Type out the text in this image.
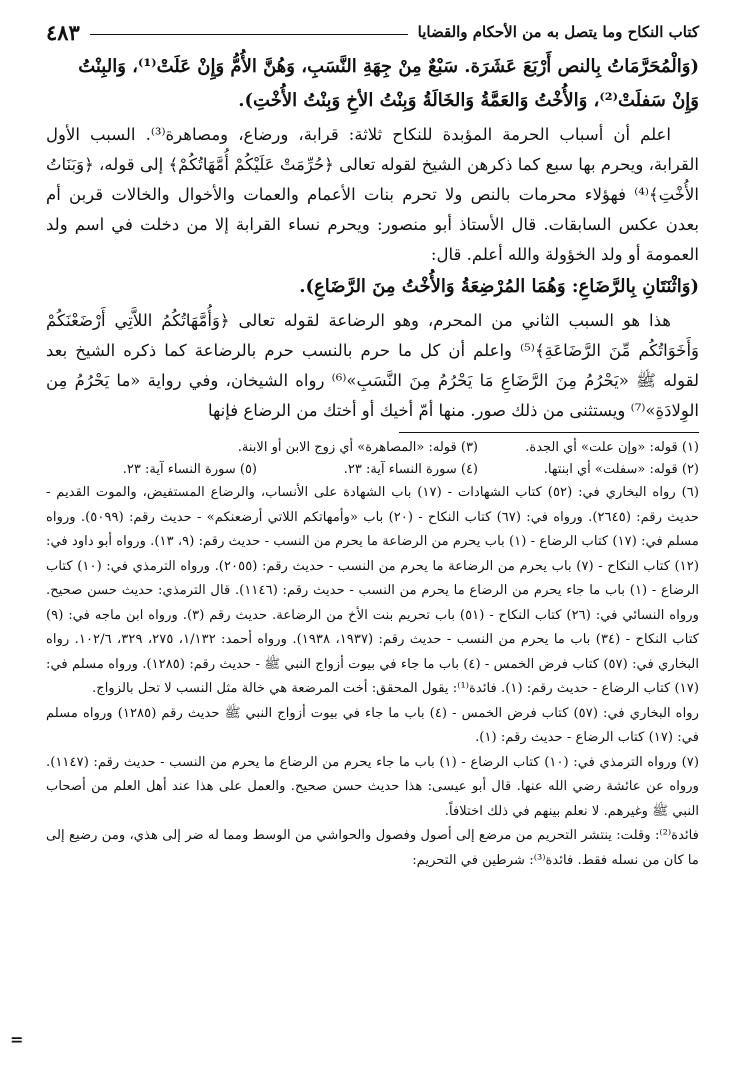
كتاب النكاح وما يتصل به من الأحكام والقضايا
٤٨٣

(وَالْمُحَرَّمَاتُ بِالنص أَرْبَعَ عَشَرَة. سَبْعٌ مِنْ جِهَةِ النَّسَبِ، وَهُنَّ الأُمُّ وَإِنْ عَلَتْ⁽¹⁾، وَالبِنْتُ وَإِنْ سَفلَتْ⁽²⁾، وَالأُخْتُ وَالعَمَّةُ وَالخَالَةُ وَبِنْتُ الأخِ وَبِنْتُ الأُخْتِ).

اعلم أن أسباب الحرمة المؤبدة للنكاح ثلاثة: قرابة، ورضاع، ومصاهرة⁽³⁾. السبب الأول القرابة، ويحرم بها سبع كما ذكرهن الشيخ لقوله تعالى ﴿حُرِّمَتْ عَلَيْكُمْ أُمَّهَاتُكُمْ﴾ إلى قوله، ﴿وَبَنَاتُ الأُخْتِ﴾⁽⁴⁾ فهؤلاء محرمات بالنص ولا تحرم بنات الأعمام والعمات والأخوال والخالات قربن أم بعدن عكس السابقات. قال الأستاذ أبو منصور: ويحرم نساء القرابة إلا من دخلت في اسم ولد العمومة أو ولد الخؤولة والله أعلم. قال:

(وَاثْنَتَانِ بِالرَّضَاعِ: وَهُمَا المُرْضِعَةُ وَالأُخْتُ مِنَ الرَّضَاعِ).

هذا هو السبب الثاني من المحرم، وهو الرضاعة لقوله تعالى ﴿وَأُمَّهَاتُكُمُ اللاَّتِي أَرْضَعْنَكُمْ وَأَخَوَاتُكُم مِّنَ الرَّضَاعَةِ﴾⁽⁵⁾ واعلم أن كل ما حرم بالنسب حرم بالرضاعة كما ذكره الشيخ بعد لقوله ﷺ «يَحْرُمُ مِنَ الرَّضَاعِ مَا يَحْرُمُ مِنَ النَّسَبِ»⁽⁶⁾ رواه الشيخان، وفي رواية «ما يَحْرُمُ مِن الوِلادَةِ»⁽⁷⁾ ويستثنى من ذلك صور. منها أمّ أخيك أو أختك من الرضاع فإنها

(١) قوله: «وإن علت» أي الجدة.
(٣) قوله: «المصاهرة» أي زوج الابن أو الابنة.
(٢) قوله: «سفلت» أي ابنتها.
(٤) سورة النساء آية: ٢٣.
(٥) سورة النساء آية: ٢٣.

(٦) رواه البخاري في: (٥٢) كتاب الشهادات - (١٧) باب الشهادة على الأنساب، والرضاع المستفيض، والموت القديم - حديث رقم: (٢٦٤٥). ورواه في: (٦٧) كتاب النكاح - (٢٠) باب «وأمهاتكم اللاتي أرضعنكم» - حديث رقم: (٥٠٩٩). ورواه مسلم في: (١٧) كتاب الرضاع - (١) باب يحرم من الرضاعة ما يحرم من النسب - حديث رقم: (٩، ١٣). ورواه أبو داود في: (١٢) كتاب النكاح - (٧) باب يحرم من الرضاعة ما يحرم من النسب - حديث رقم: (٢٠٥٥). ورواه الترمذي في: (١٠) كتاب الرضاع - (١) باب ما جاء يحرم من الرضاع ما يحرم من النسب - حديث رقم: (١١٤٦). قال الترمذي: حديث حسن صحيح. ورواه النسائي في: (٢٦) كتاب النكاح - (٥١) باب تحريم بنت الأخ من الرضاعة. حديث رقم (٣). ورواه ابن ماجه في: (٩) كتاب النكاح - (٣٤) باب ما يحرم من النسب - حديث رقم: (١٩٣٧، ١٩٣٨). ورواه أحمد: ١/١٣٢، ٢٧٥، ٣٢٩، ١٠٢/٦. رواه البخاري في: (٥٧) كتاب فرض الخمس - (٤) باب ما جاء في بيوت أزواج النبي ﷺ - حديث رقم: (١٢٨٥). ورواه مسلم في: (١٧) كتاب الرضاع - حديث رقم: (١). فائدة⁽¹⁾: يقول المحقق: أخت المرضعة هي خالة مثل النسب لا تحل بالزواج.

رواه البخاري في: (٥٧) كتاب فرض الخمس - (٤) باب ما جاء في بيوت أزواج النبي ﷺ حديث رقم (١٢٨٥) ورواه مسلم في: (١٧) كتاب الرضاع - حديث رقم: (١).

(٧) ورواه الترمذي في: (١٠) كتاب الرضاع - (١) باب ما جاء يحرم من الرضاع ما يحرم من النسب - حديث رقم: (١١٤٧). ورواه عن عائشة رضي الله عنها. قال أبو عيسى: هذا حديث حسن صحيح. والعمل على هذا عند أهل العلم من أصحاب النبي ﷺ وغيرهم. لا نعلم بينهم في ذلك اختلافاً.

فائدة⁽²⁾: وقلت: ينتشر التحريم من مرضع إلى أصول وفصول والحواشي من الوسط ومما له ضر إلى هذي، ومن رضيع إلى ما كان من نسله فقط. فائدة⁽³⁾: شرطين في التحريم:

=
